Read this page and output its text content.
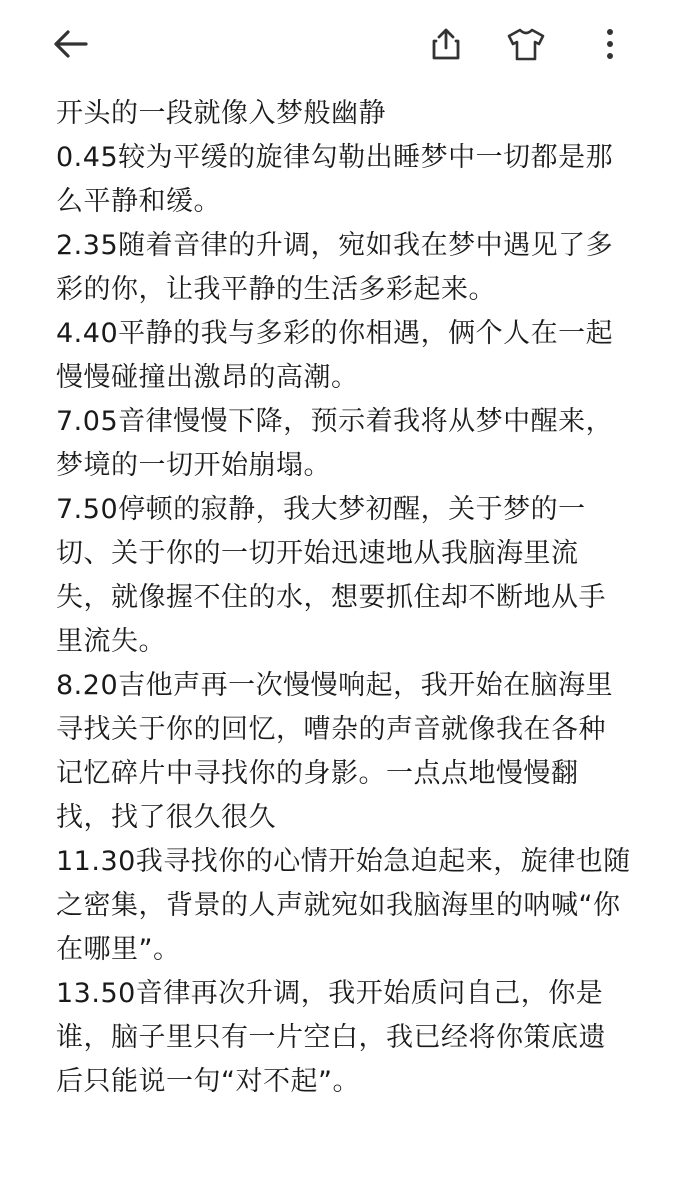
开头的一段就像入梦般幽静

0.45较为平缓的旋律勾勒出睡梦中一切都是那么平静和缓。

2.35随着音律的升调，宛如我在梦中遇见了多彩的你，让我平静的生活多彩起来。

4.40平静的我与多彩的你相遇，俩个人在一起慢慢碰撞出激昂的高潮。

7.05音律慢慢下降，预示着我将从梦中醒来，梦境的一切开始崩塌。

7.50停顿的寂静，我大梦初醒，关于梦的一切、关于你的一切开始迅速地从我脑海里流失，就像握不住的水，想要抓住却不断地从手里流失。

8.20吉他声再一次慢慢响起，我开始在脑海里寻找关于你的回忆，嘈杂的声音就像我在各种记忆碎片中寻找你的身影。一点点地慢慢翻找，找了很久很久

11.30我寻找你的心情开始急迫起来，旋律也随之密集，背景的人声就宛如我脑海里的呐喊“你在哪里”。

13.50音律再次升调，我开始质问自己，你是谁，脑子里只有一片空白，我已经将你策底遗后只能说一句“对不起”。
